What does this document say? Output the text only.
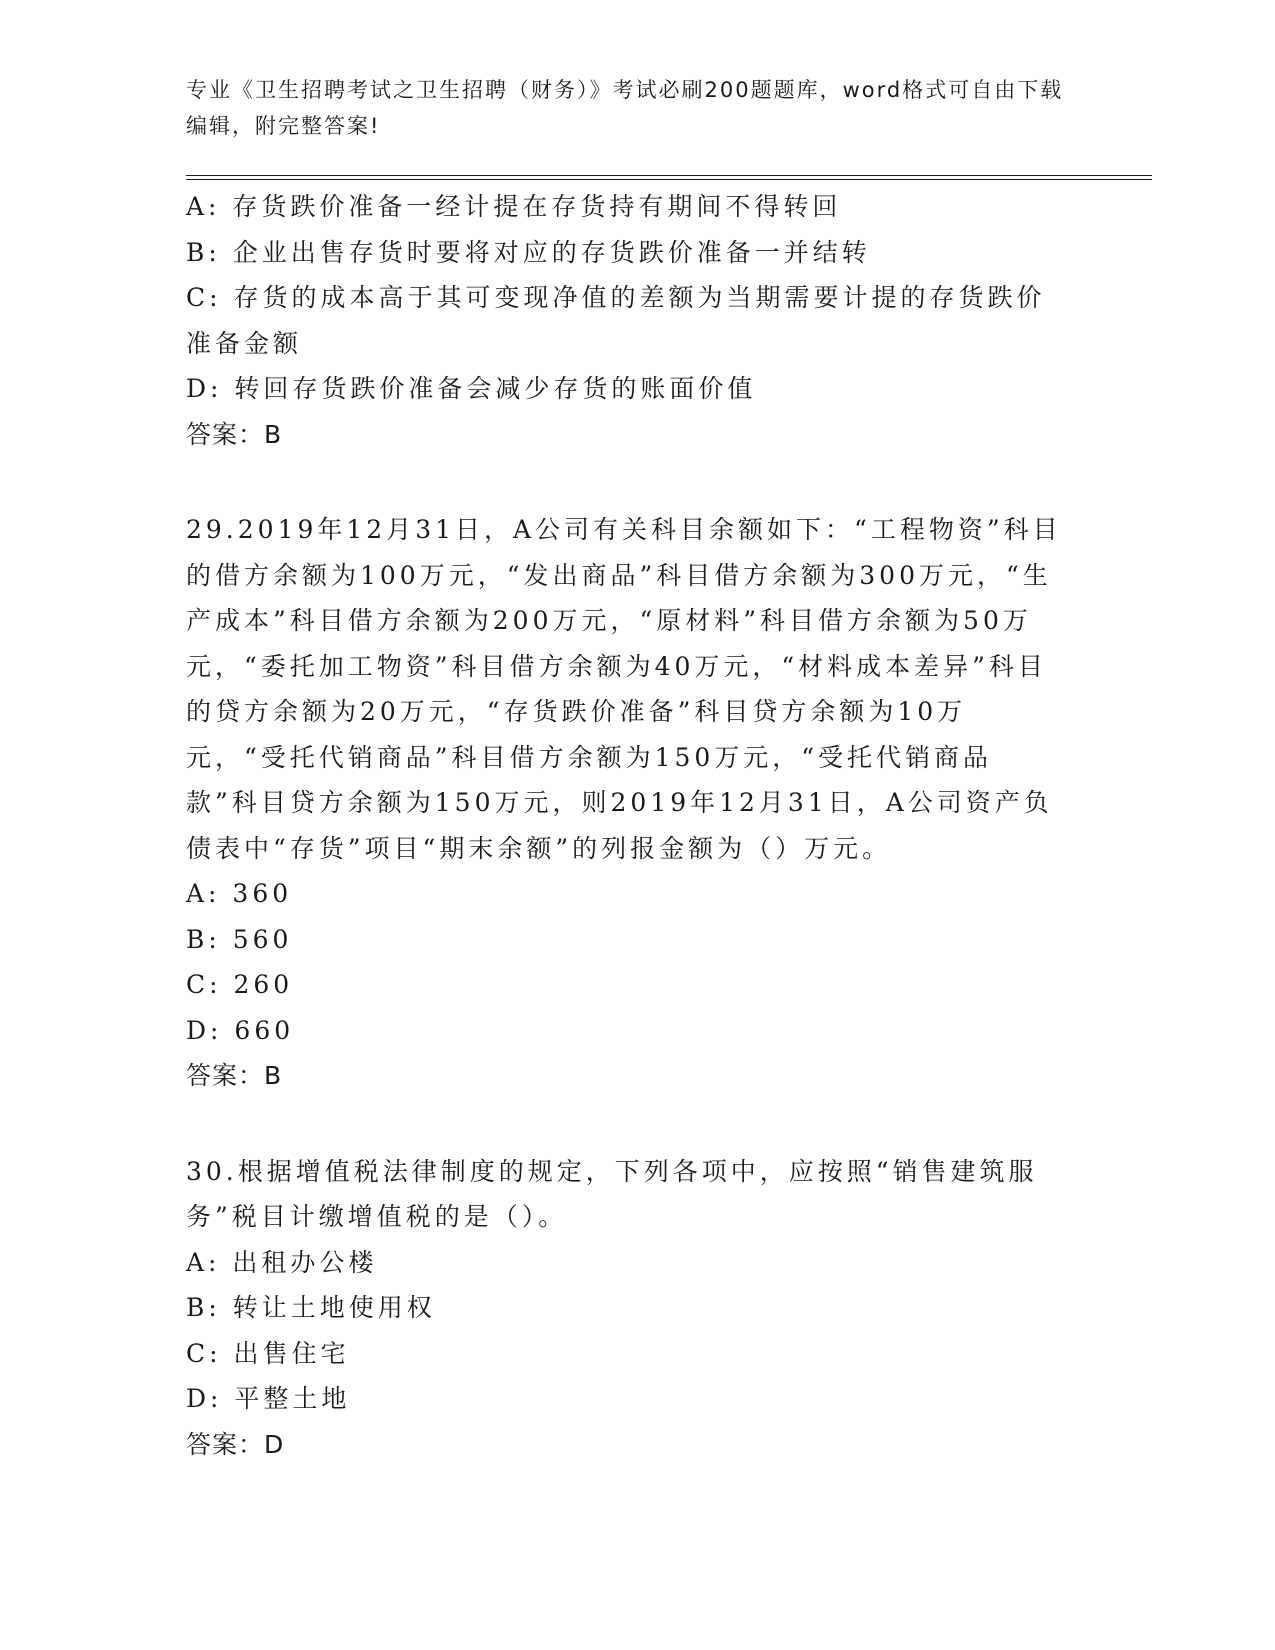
专业《卫生招聘考试之卫生招聘（财务）》考试必刷200题题库，word格式可自由下载编辑，附完整答案!

A: 存货跌价准备一经计提在存货持有期间不得转回

B: 企业出售存货时要将对应的存货跌价准备一并结转

C: 存货的成本高于其可变现净值的差额为当期需要计提的存货跌价准备金额

D: 转回存货跌价准备会减少存货的账面价值

答案：B

29.2019年12月31日，A公司有关科目余额如下：“工程物资”科目的借方余额为100万元，“发出商品”科目借方余额为300万元，“生产成本”科目借方余额为200万元，“原材料”科目借方余额为50万元，“委托加工物资”科目借方余额为40万元，“材料成本差异”科目的贷方余额为20万元，“存货跌价准备”科目贷方余额为10万元，“受托代销商品”科目借方余额为150万元，“受托代销商品款”科目贷方余额为150万元，则2019年12月31日，A公司资产负债表中“存货”项目“期末余额”的列报金额为（）万元。

A: 360

B: 560

C: 260

D: 660

答案：B

30.根据增值税法律制度的规定，下列各项中，应按照“销售建筑服务”税目计缴增值税的是（）。

A: 出租办公楼

B: 转让土地使用权

C: 出售住宅

D: 平整土地

答案：D
